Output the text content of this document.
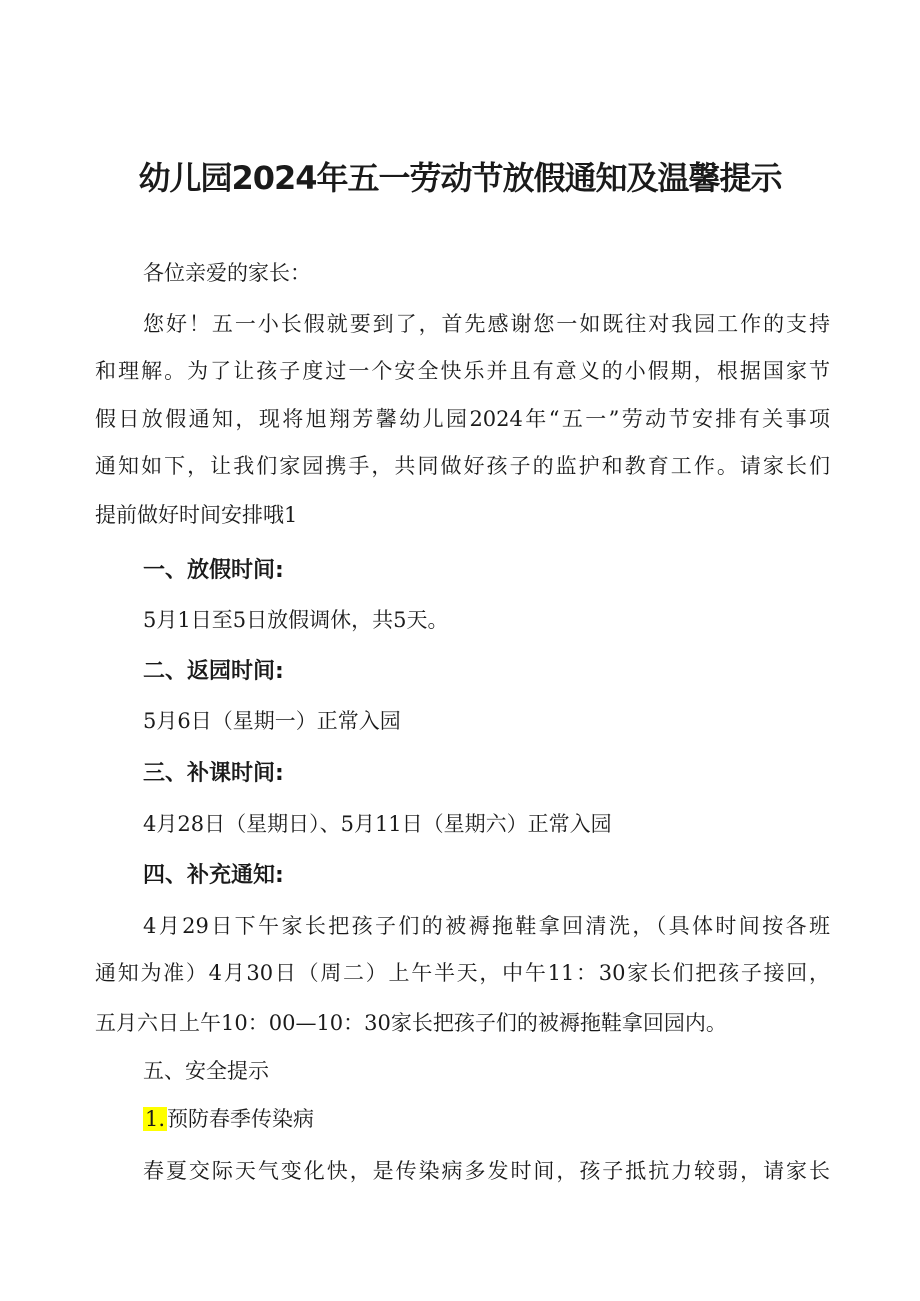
幼儿园2024年五一劳动节放假通知及温馨提示
各位亲爱的家长：
您好！五一小长假就要到了，首先感谢您一如既往对我园工作的支持
和理解。为了让孩子度过一个安全快乐并且有意义的小假期，根据国家节
假日放假通知，现将旭翔芳馨幼儿园2024年“五一”劳动节安排有关事项
通知如下，让我们家园携手，共同做好孩子的监护和教育工作。请家长们
提前做好时间安排哦1
一、放假时间:
5月1日至5日放假调休，共5天。
二、返园时间:
5月6日（星期一）正常入园
三、补课时间:
4月28日（星期日）、5月11日（星期六）正常入园
四、补充通知:
4月29日下午家长把孩子们的被褥拖鞋拿回清洗，（具体时间按各班
通知为准）4月30日（周二）上午半天，中午11：30家长们把孩子接回，
五月六日上午10：00—10：30家长把孩子们的被褥拖鞋拿回园内。
五、安全提示
1.预防春季传染病
春夏交际天气变化快，是传染病多发时间，孩子抵抗力较弱，请家长
